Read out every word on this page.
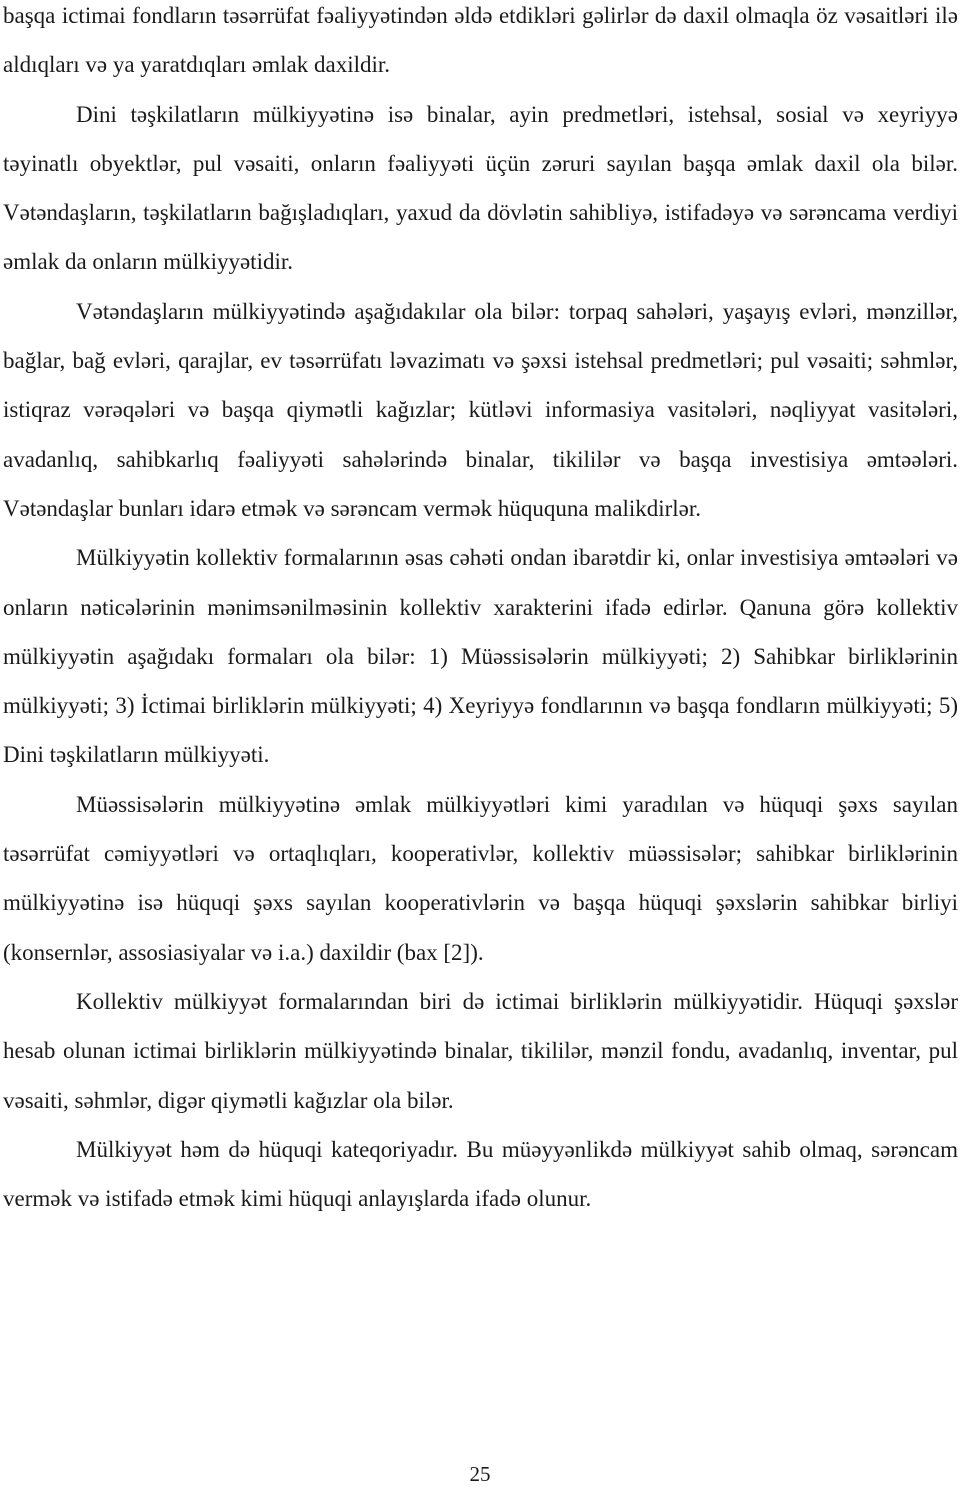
başqa ictimai fondların təsərrüfat fəaliyyətindən əldə etdikləri gəlirlər də daxil olmaqla öz vəsaitləri ilə aldıqları və ya yaratdıqları əmlak daxildir.

Dini təşkilatların mülkiyyətinə isə binalar, ayin predmetləri, istehsal, sosial və xeyriyyə təyinatlı obyektlər, pul vəsaiti, onların fəaliyyəti üçün zəruri sayılan başqa əmlak daxil ola bilər. Vətəndaşların, təşkilatların bağışladıqları, yaxud da dövlətin sahibliyə, istifadəyə və sərəncama verdiyi əmlak da onların mülkiyyətidir.

Vətəndaşların mülkiyyətində aşağıdakılar ola bilər: torpaq sahələri, yaşayış evləri, mənzillər, bağlar, bağ evləri, qarajlar, ev təsərrüfatı ləvazimatı və şəxsi istehsal predmetləri; pul vəsaiti; səhmlər, istiqraz vərəqələri və başqa qiymətli kağızlar; kütləvi informasiya vasitələri, nəqliyyat vasitələri, avadanlıq, sahibkarlıq fəaliyyəti sahələrində binalar, tikililər və başqa investisiya əmtəələri. Vətəndaşlar bunları idarə etmək və sərəncam vermək hüququna malikdirlər.

Mülkiyyətin kollektiv formalarının əsas cəhəti ondan ibarətdir ki, onlar investisiya əmtəələri və onların nəticələrinin mənimsənilməsinin kollektiv xarakterini ifadə edirlər. Qanuna görə kollektiv mülkiyyətin aşağıdakı formaları ola bilər: 1) Müəssisələrin mülkiyyəti; 2) Sahibkar birliklərinin mülkiyyəti; 3) İctimai birliklərin mülkiyyəti; 4) Xeyriyyə fondlarının və başqa fondların mülkiyyəti; 5) Dini təşkilatların mülkiyyəti.

Müəssisələrin mülkiyyətinə əmlak mülkiyyətləri kimi yaradılan və hüquqi şəxs sayılan təsərrüfat cəmiyyətləri və ortaqlıqları, kooperativlər, kollektiv müəssisələr; sahibkar birliklərinin mülkiyyətinə isə hüquqi şəxs sayılan kooperativlərin və başqa hüquqi şəxslərin sahibkar birliyi (konsernlər, assosiasiyalar və i.a.) daxildir (bax [2]).

Kollektiv mülkiyyət formalarından biri də ictimai birliklərin mülkiyyətidir. Hüquqi şəxslər hesab olunan ictimai birliklərin mülkiyyətində binalar, tikililər, mənzil fondu, avadanlıq, inventar, pul vəsaiti, səhmlər, digər qiymətli kağızlar ola bilər.

Mülkiyyət həm də hüquqi kateqoriyadır. Bu müəyyənlikdə mülkiyyət sahib olmaq, sərəncam vermək və istifadə etmək kimi hüquqi anlayışlarda ifadə olunur.

25
